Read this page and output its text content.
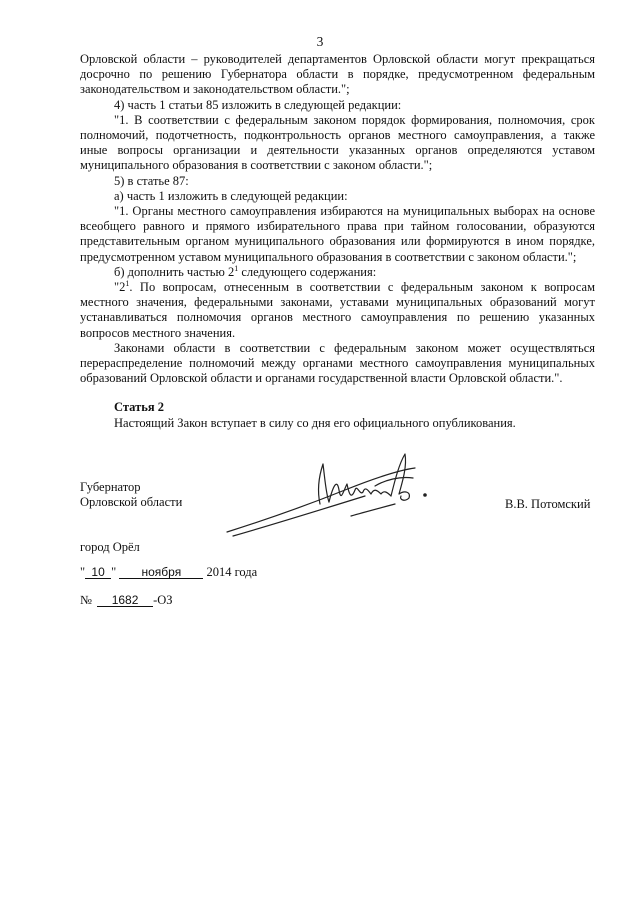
3

Орловской области – руководителей департаментов Орловской области могут прекращаться досрочно по решению Губернатора области в порядке, предусмотренном федеральным законодательством и законодательством области.";

4) часть 1 статьи 85 изложить в следующей редакции:

"1. В соответствии с федеральным законом порядок формирования, полномочия, срок полномочий, подотчетность, подконтрольность органов местного самоуправления, а также иные вопросы организации и деятельности указанных органов определяются уставом муниципального образования в соответствии с законом области.";

5) в статье 87:

а) часть 1 изложить в следующей редакции:

"1. Органы местного самоуправления избираются на муниципальных выборах на основе всеобщего равного и прямого избирательного права при тайном голосовании, образуются представительным органом муниципального образования или формируются в ином порядке, предусмотренном уставом муниципального образования в соответствии с законом области.";

б) дополнить частью $2^1$ следующего содержания:

"$2^1$. По вопросам, отнесенным в соответствии с федеральным законом к вопросам местного значения, федеральными законами, уставами муниципальных образований могут устанавливаться полномочия органов местного самоуправления по решению указанных вопросов местного значения.

Законами области в соответствии с федеральным законом может осуществляться перераспределение полномочий между органами местного самоуправления муниципальных образований Орловской области и органами государственной власти Орловской области.".

Статья 2

Настоящий Закон вступает в силу со дня его официального опубликования.

Губернатор
Орловской области	В.В. Потомский
город Орёл
" 10 " ноября 2014 года
№ 1682 -ОЗ
